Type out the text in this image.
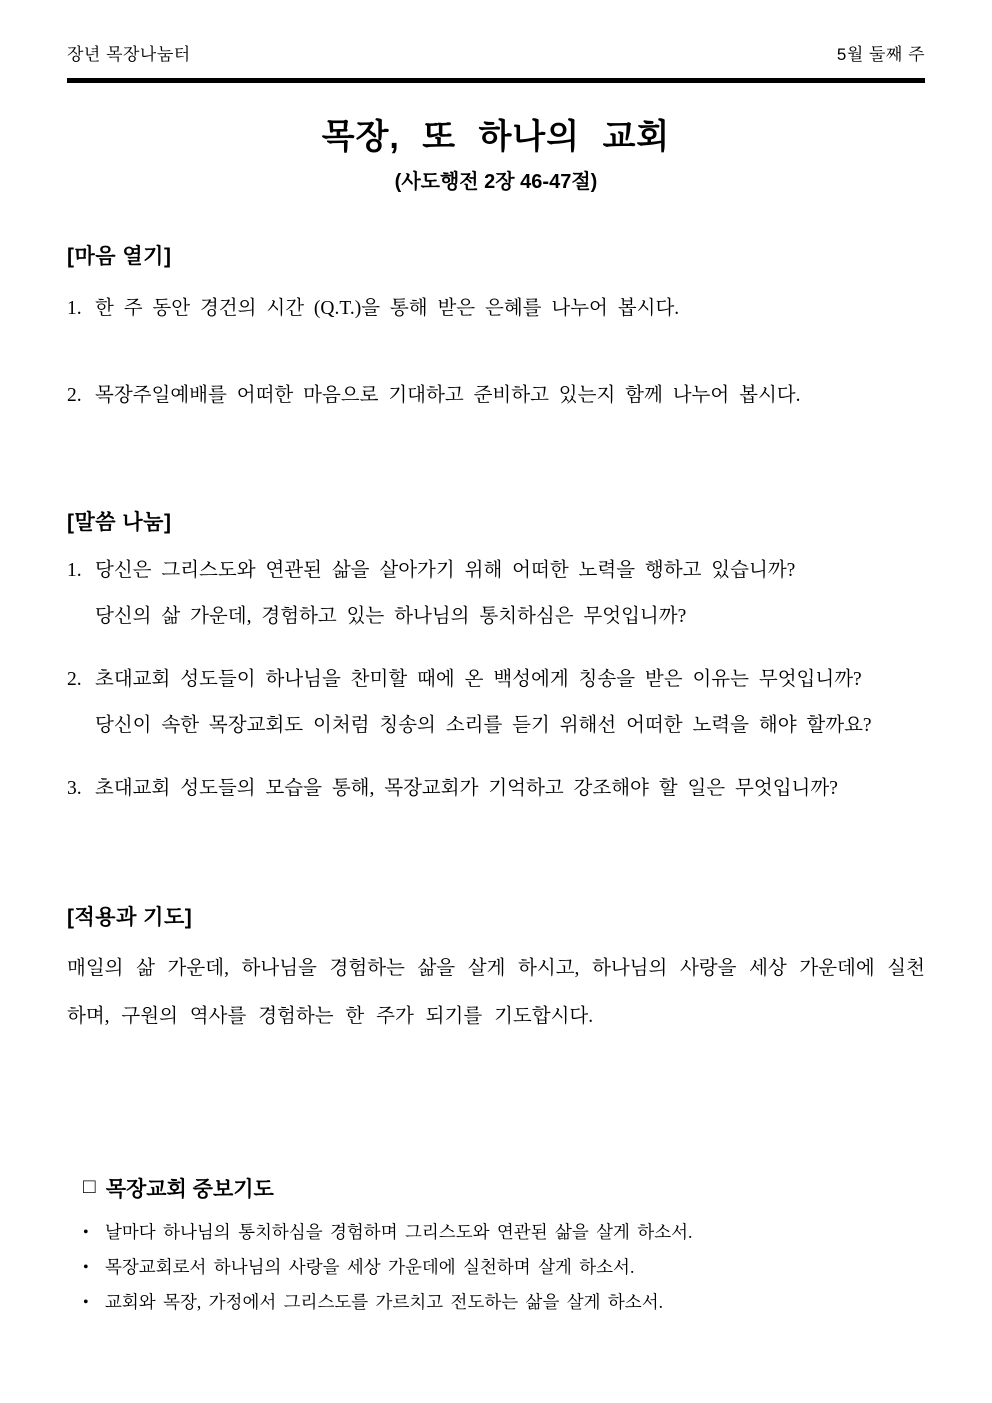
장년 목장나눔터	5월 둘째 주
목장, 또 하나의 교회
(사도행전 2장 46-47절)
[마음 열기]
1. 한 주 동안 경건의 시간 (Q.T.)을 통해 받은 은혜를 나누어 봅시다.
2. 목장주일예배를 어떠한 마음으로 기대하고 준비하고 있는지 함께 나누어 봅시다.
[말씀 나눔]
1. 당신은 그리스도와 연관된 삶을 살아가기 위해 어떠한 노력을 행하고 있습니까?
당신의 삶 가운데, 경험하고 있는 하나님의 통치하심은 무엇입니까?
2. 초대교회 성도들이 하나님을 찬미할 때에 온 백성에게 칭송을 받은 이유는 무엇입니까?
당신이 속한 목장교회도 이처럼 칭송의 소리를 듣기 위해선 어떠한 노력을 해야 할까요?
3. 초대교회 성도들의 모습을 통해, 목장교회가 기억하고 강조해야 할 일은 무엇입니까?
[적용과 기도]
매일의 삶 가운데, 하나님을 경험하는 삶을 살게 하시고, 하나님의 사랑을 세상 가운데에 실천하며, 구원의 역사를 경험하는 한 주가 되기를 기도합시다.
□ 목장교회 중보기도
• 날마다 하나님의 통치하심을 경험하며 그리스도와 연관된 삶을 살게 하소서.
• 목장교회로서 하나님의 사랑을 세상 가운데에 실천하며 살게 하소서.
• 교회와 목장, 가정에서 그리스도를 가르치고 전도하는 삶을 살게 하소서.
